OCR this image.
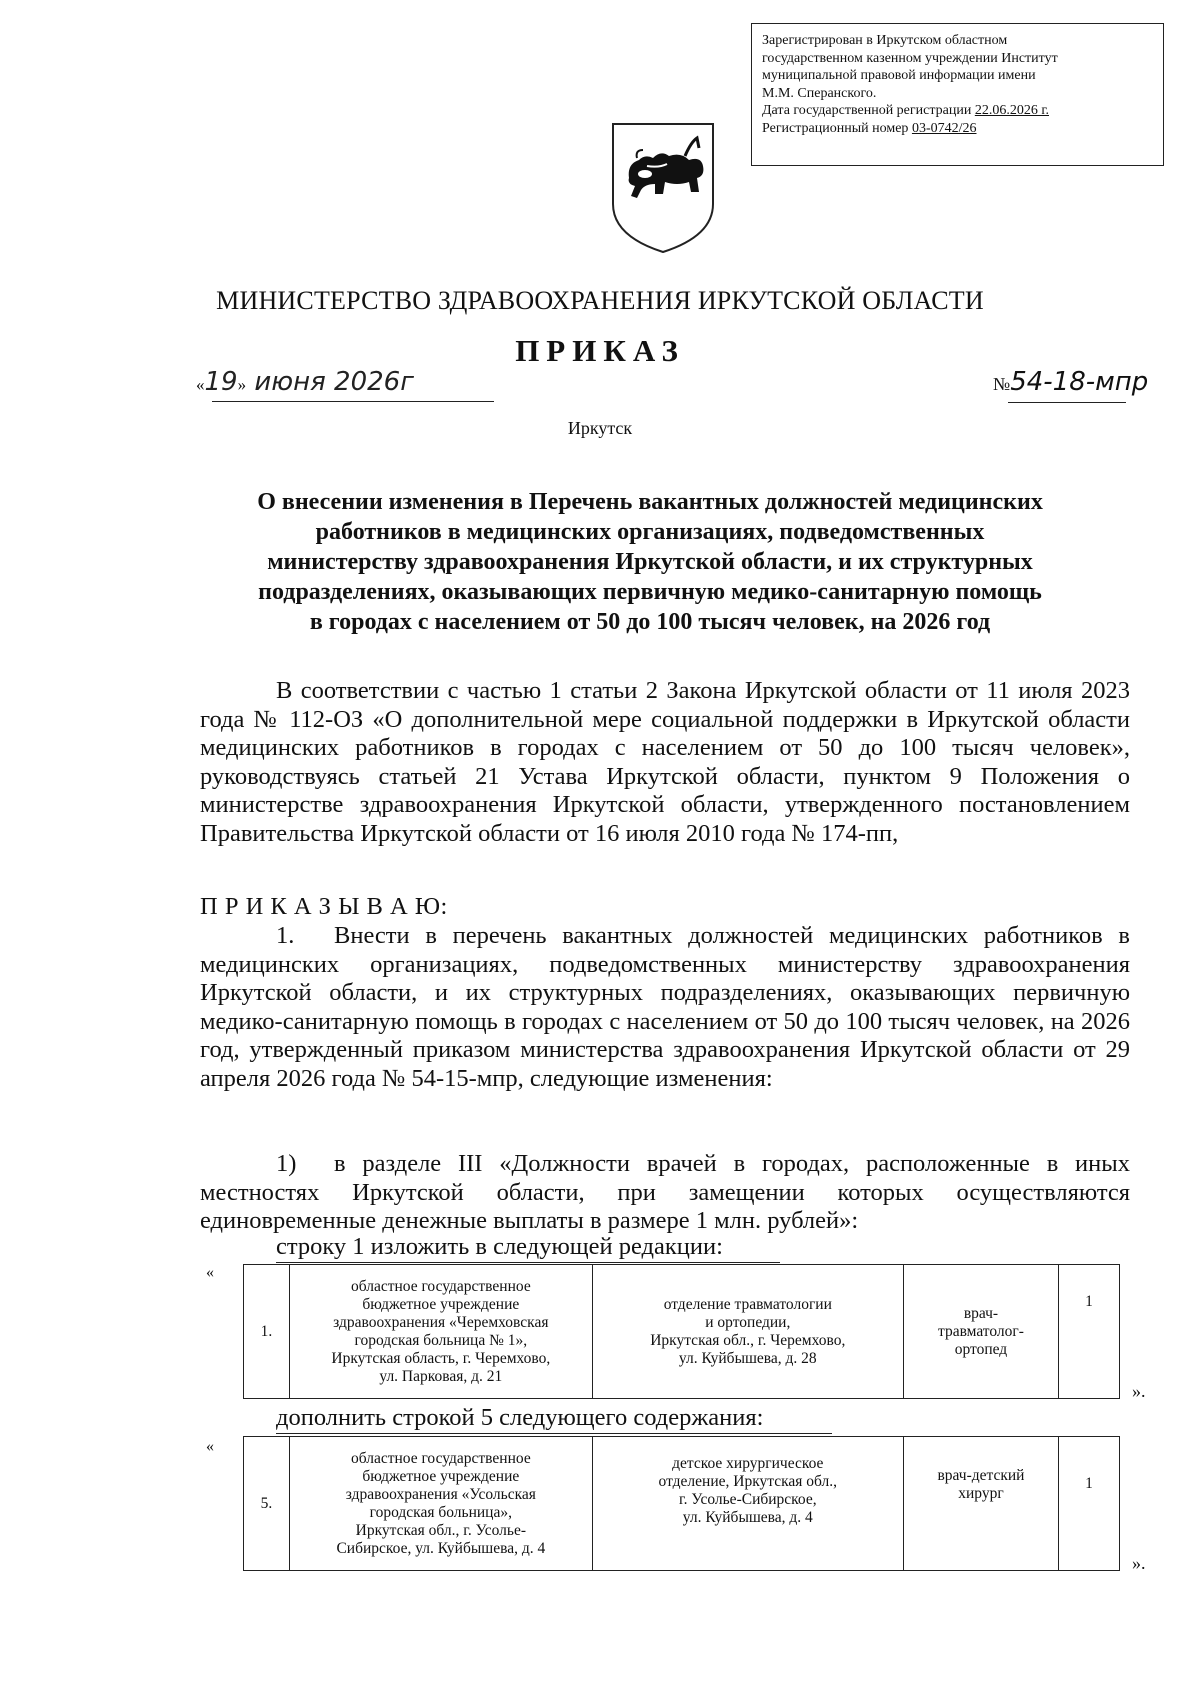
Зарегистрирован в Иркутском областном
государственном казенном учреждении Институт
муниципальной правовой информации имени
М.М. Сперанского.
Дата государственной регистрации 22.06.2026 г.
Регистрационный номер 03-0742/26
МИНИСТЕРСТВО ЗДРАВООХРАНЕНИЯ ИРКУТСКОЙ ОБЛАСТИ
ПРИКАЗ
«19» июня 2026г	№54-18-мпр
Иркутск
О внесении изменения в Перечень вакантных должностей медицинских
работников в медицинских организациях, подведомственных
министерству здравоохранения Иркутской области, и их структурных
подразделениях, оказывающих первичную медико-санитарную помощь
в городах с населением от 50 до 100 тысяч человек, на 2026 год

В соответствии с частью 1 статьи 2 Закона Иркутской области от 11 июля 2023 года № 112-ОЗ «О дополнительной мере социальной поддержки в Иркутской области медицинских работников в городах с населением от 50 до 100 тысяч человек», руководствуясь статьей 21 Устава Иркутской области, пунктом 9 Положения о министерстве здравоохранения Иркутской области, утвержденного постановлением Правительства Иркутской области от 16 июля 2010 года № 174-пп,

П Р И К А З Ы В А Ю:

1. Внести в перечень вакантных должностей медицинских работников в медицинских организациях, подведомственных министерству здравоохранения Иркутской области, и их структурных подразделениях, оказывающих первичную медико-санитарную помощь в городах с населением от 50 до 100 тысяч человек, на 2026 год, утвержденный приказом министерства здравоохранения Иркутской области от 29 апреля 2026 года № 54-15-мпр, следующие изменения:

1) в разделе III «Должности врачей в городах, расположенные в иных местностях Иркутской области, при замещении которых осуществляются единовременные денежные выплаты в размере 1 млн. рублей»:

строку 1 изложить в следующей редакции:
«
1.	
областное государственное
бюджетное учреждение
здравоохранения «Черемховская
городская больница № 1»,
Иркутская область, г. Черемхово,
ул. Парковая, д. 21

отделение травматологии
и ортопедии,
Иркутская обл., г. Черемхово,
ул. Куйбышева, д. 28

врач-
травматолог-
ортопед
	1
».
дополнить строкой 5 следующего содержания:
«
5.	
областное государственное
бюджетное учреждение
здравоохранения «Усольская
городская больница»,
Иркутская обл., г. Усолье-
Сибирское, ул. Куйбышева, д. 4

детское хирургическое
отделение, Иркутская обл.,
г. Усолье-Сибирское,
ул. Куйбышева, д. 4

врач-детский
хирург
	1
».
